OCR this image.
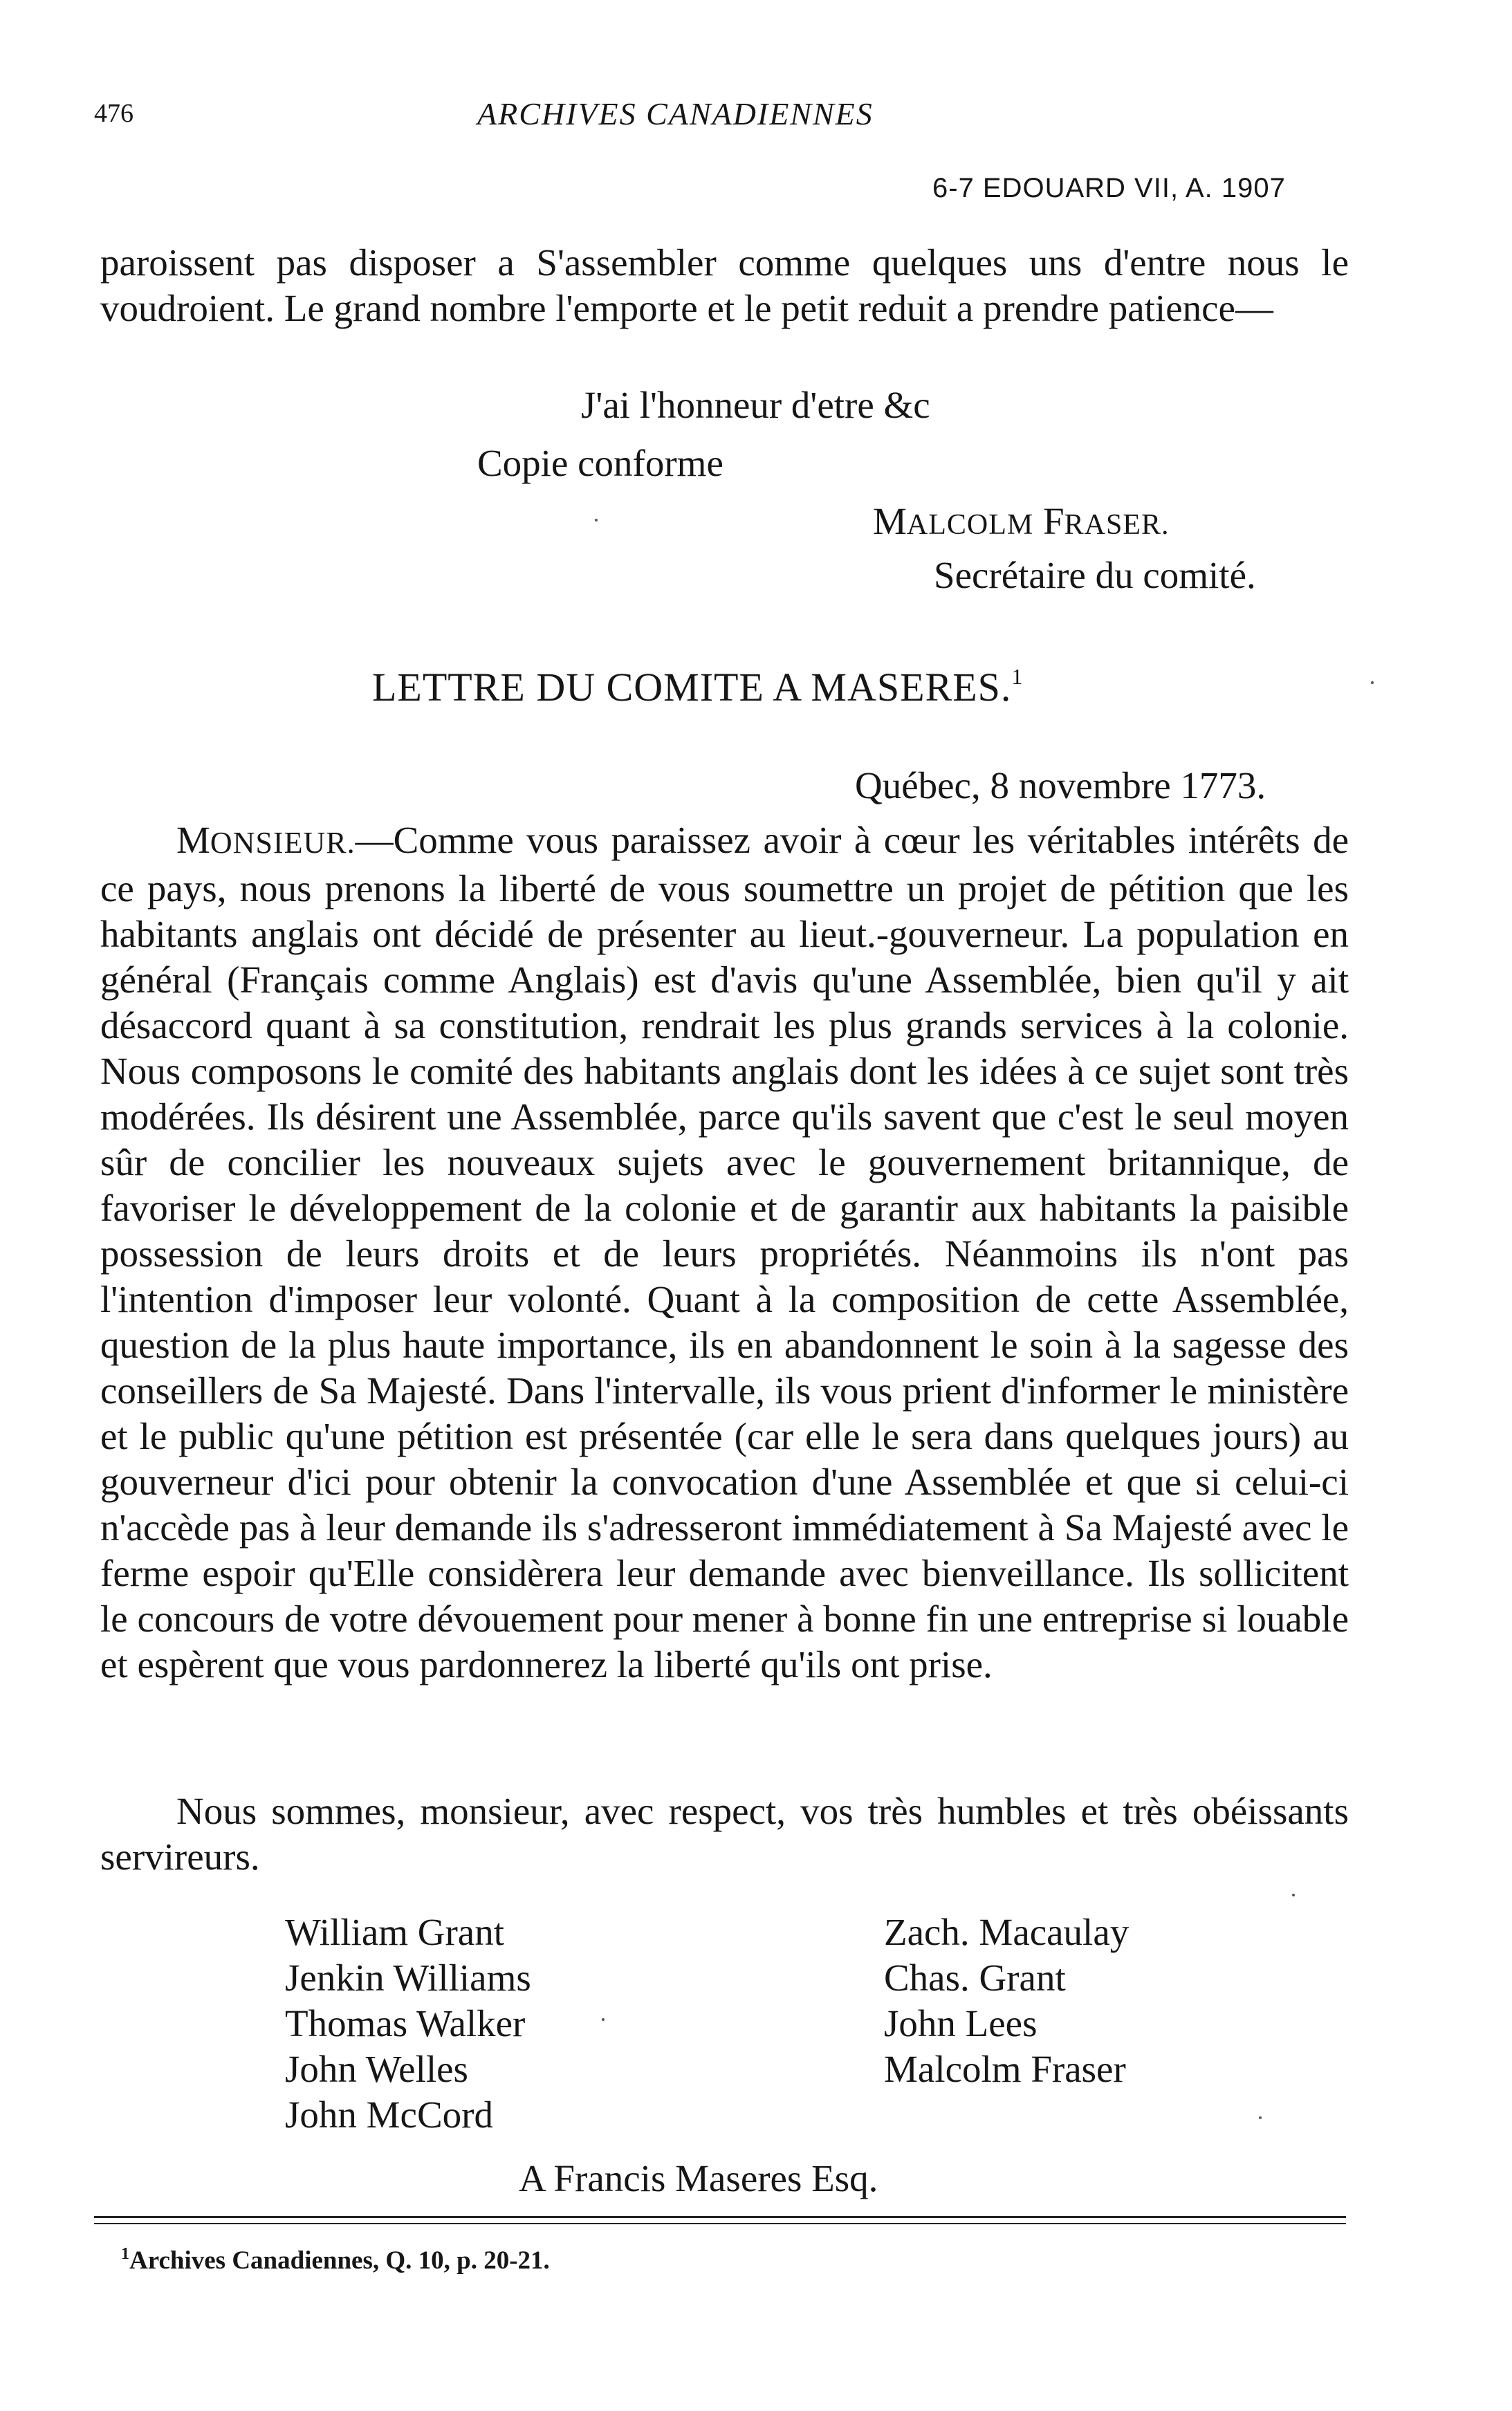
476	ARCHIVES CANADIENNES
6-7 EDOUARD VII, A. 1907

paroissent pas disposer a S'assembler comme quelques uns d'entre nous le voudroient. Le grand nombre l'emporte et le petit reduit a prendre patience—

J'ai l'honneur d'etre &c
Copie conforme
MALCOLM FRASER.
Secrétaire du comité.
LETTRE DU COMITE A MASERES.$^1$
Québec, 8 novembre 1773.

MONSIEUR.—Comme vous paraissez avoir à cœur les véritables intérêts de ce pays, nous prenons la liberté de vous soumettre un projet de pétition que les habitants anglais ont décidé de présenter au lieut.-gouverneur. La population en général (Français comme Anglais) est d'avis qu'une Assemblée, bien qu'il y ait désaccord quant à sa constitution, rendrait les plus grands services à la colonie. Nous composons le comité des habitants anglais dont les idées à ce sujet sont très modérées. Ils désirent une Assemblée, parce qu'ils savent que c'est le seul moyen sûr de concilier les nouveaux sujets avec le gouvernement britannique, de favoriser le développement de la colonie et de garantir aux habitants la paisible possession de leurs droits et de leurs propriétés. Néanmoins ils n'ont pas l'intention d'imposer leur volonté. Quant à la composition de cette Assemblée, question de la plus haute importance, ils en abandonnent le soin à la sagesse des conseillers de Sa Majesté. Dans l'intervalle, ils vous prient d'informer le ministère et le public qu'une pétition est présentée (car elle le sera dans quelques jours) au gouverneur d'ici pour obtenir la convocation d'une Assemblée et que si celui-ci n'accède pas à leur demande ils s'adresseront immédiatement à Sa Majesté avec le ferme espoir qu'Elle considèrera leur demande avec bienveillance. Ils sollicitent le concours de votre dévouement pour mener à bonne fin une entreprise si louable et espèrent que vous pardonnerez la liberté qu'ils ont prise.

Nous sommes, monsieur, avec respect, vos très humbles et très obéissants servireurs.

William Grant
Jenkin Williams
Thomas Walker
John Welles
John McCord
Zach. Macaulay
Chas. Grant
John Lees
Malcolm Fraser
A Francis Maseres Esq.
$^1$Archives Canadiennes, Q. 10, p. 20-21.
